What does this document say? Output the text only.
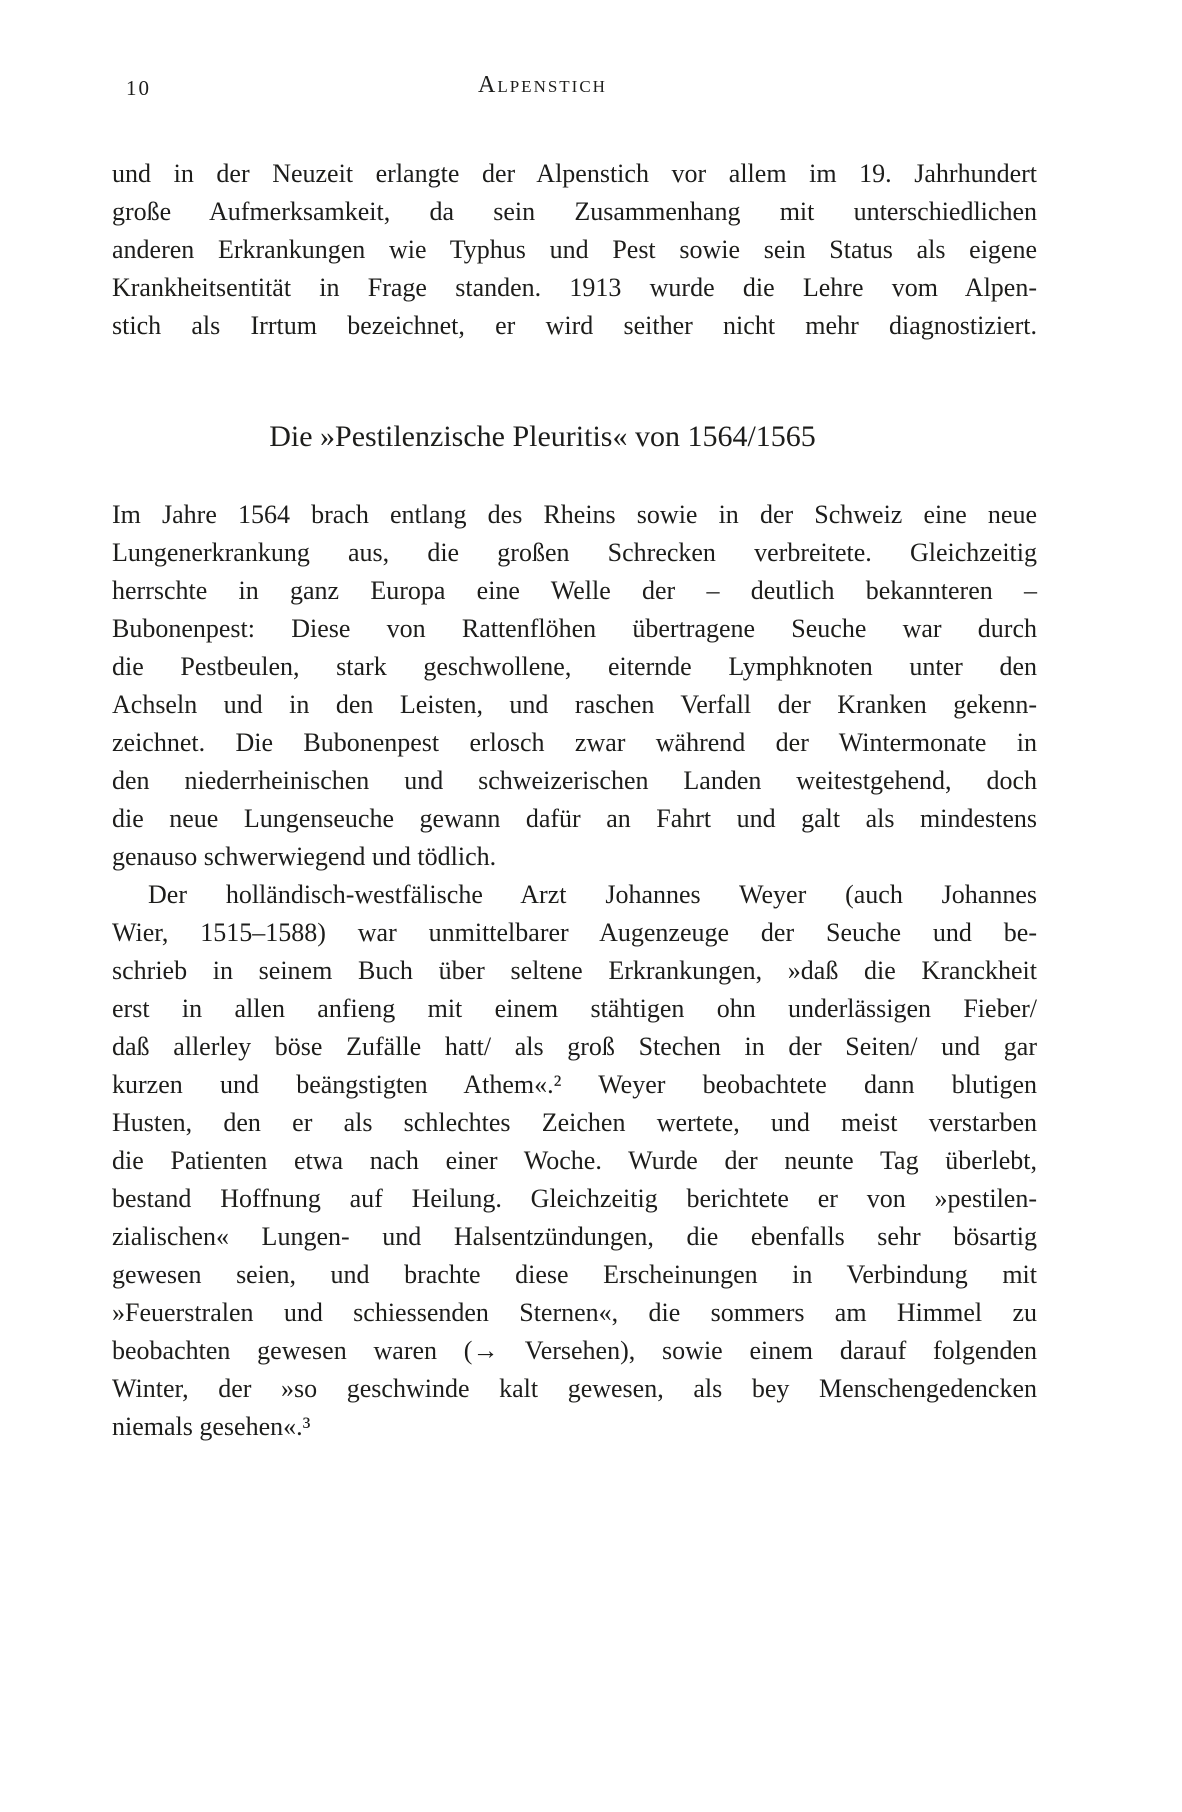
10	Alpenstich
und in der Neuzeit erlangte der Alpenstich vor allem im 19. Jahrhundert
große Aufmerksamkeit, da sein Zusammenhang mit unterschiedlichen
anderen Erkrankungen wie Typhus und Pest sowie sein Status als eigene
Krankheitsentität in Frage standen. 1913 wurde die Lehre vom Alpen-
stich als Irrtum bezeichnet, er wird seither nicht mehr diagnostiziert.
Die »Pestilenzische Pleuritis« von 1564/1565
Im Jahre 1564 brach entlang des Rheins sowie in der Schweiz eine neue
Lungenerkrankung aus, die großen Schrecken verbreitete. Gleichzeitig
herrschte in ganz Europa eine Welle der – deutlich bekannteren –
Bubonenpest: Diese von Rattenflöhen übertragene Seuche war durch
die Pestbeulen, stark geschwollene, eiternde Lymphknoten unter den
Achseln und in den Leisten, und raschen Verfall der Kranken gekenn-
zeichnet. Die Bubonenpest erlosch zwar während der Wintermonate in
den niederrheinischen und schweizerischen Landen weitestgehend, doch
die neue Lungenseuche gewann dafür an Fahrt und galt als mindestens
genauso schwerwiegend und tödlich.
Der holländisch-westfälische Arzt Johannes Weyer (auch Johannes
Wier, 1515–1588) war unmittelbarer Augenzeuge der Seuche und be-
schrieb in seinem Buch über seltene Erkrankungen, »daß die Kranckheit
erst in allen anfieng mit einem stähtigen ohn underlässigen Fieber/
daß allerley böse Zufälle hatt/ als groß Stechen in der Seiten/ und gar
kurzen und beängstigten Athem«.² Weyer beobachtete dann blutigen
Husten, den er als schlechtes Zeichen wertete, und meist verstarben
die Patienten etwa nach einer Woche. Wurde der neunte Tag überlebt,
bestand Hoffnung auf Heilung. Gleichzeitig berichtete er von »pestilen-
zialischen« Lungen- und Halsentzündungen, die ebenfalls sehr bösartig
gewesen seien, und brachte diese Erscheinungen in Verbindung mit
»Feuerstralen und schiessenden Sternen«, die sommers am Himmel zu
beobachten gewesen waren (→ Versehen), sowie einem darauf folgenden
Winter, der »so geschwinde kalt gewesen, als bey Menschengedencken
niemals gesehen«.³
